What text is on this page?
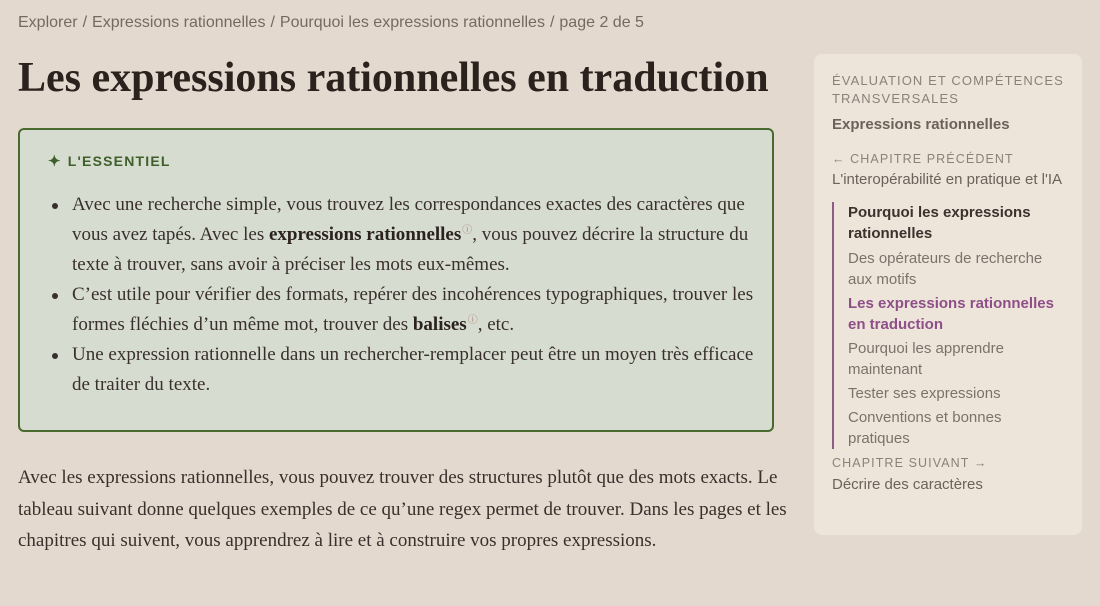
Explorer / Expressions rationnelles / Pourquoi les expressions rationnelles / page 2 de 5
Les expressions rationnelles en traduction
✦ L'ESSENTIEL
Avec une recherche simple, vous trouvez les correspondances exactes des caractères que vous avez tapés. Avec les expressions rationnellesⓘ, vous pouvez décrire la structure du texte à trouver, sans avoir à préciser les mots eux-mêmes.
C’est utile pour vérifier des formats, repérer des incohérences typographiques, trouver les formes fléchies d’un même mot, trouver des balisesⓘ, etc.
Une expression rationnelle dans un rechercher-remplacer peut être un moyen très efficace de traiter du texte.

Avec les expressions rationnelles, vous pouvez trouver des structures plutôt que des mots exacts. Le tableau suivant donne quelques exemples de ce qu’une regex permet de trouver. Dans les pages et les chapitres qui suivent, vous apprendrez à lire et à construire vos propres expressions.

ÉVALUATION ET COMPÉTENCES TRANSVERSALES
Expressions rationnelles
← CHAPITRE PRÉCÉDENT
L'interopérabilité en pratique et l'IA
Pourquoi les expressions rationnelles
Des opérateurs de recherche aux motifs
Les expressions rationnelles en traduction
Pourquoi les apprendre maintenant
Tester ses expressions
Conventions et bonnes pratiques
CHAPITRE SUIVANT →
Décrire des caractères
